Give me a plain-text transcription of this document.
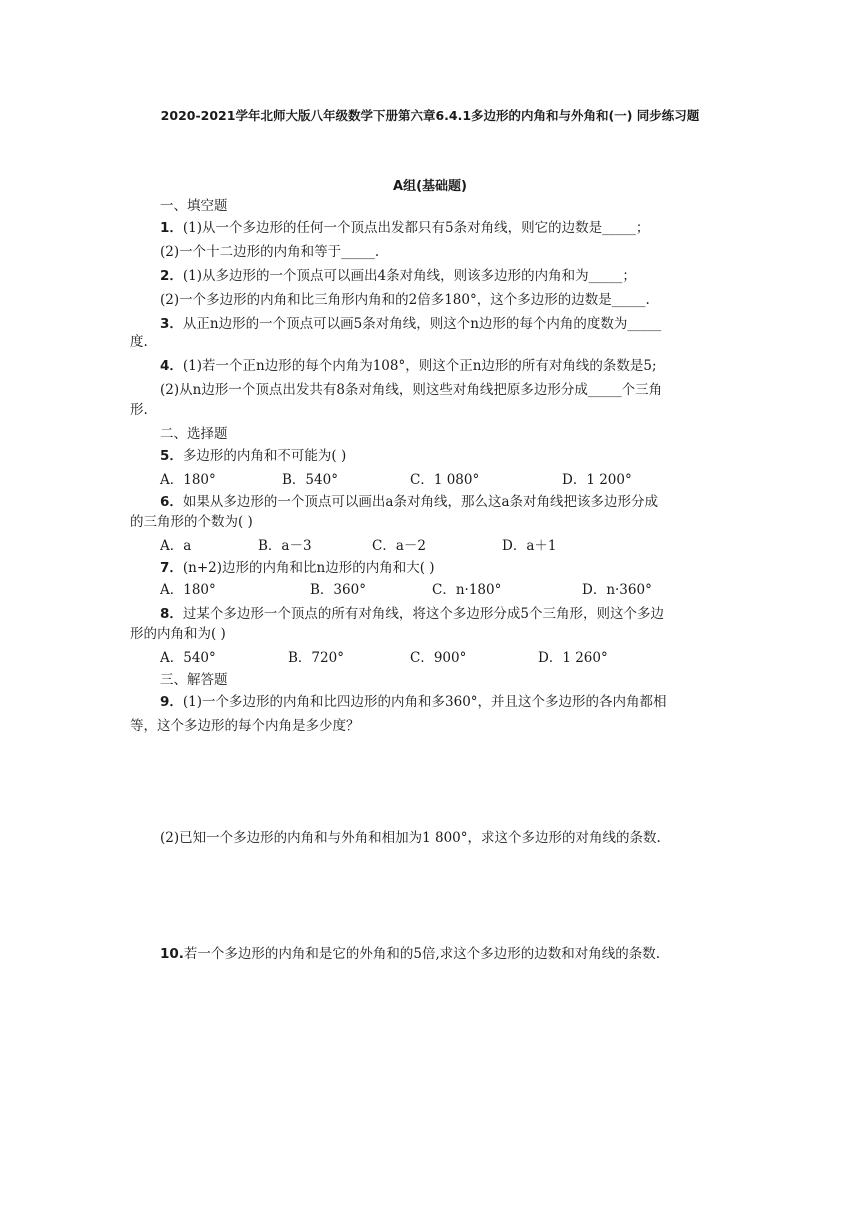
2020-2021学年北师大版八年级数学下册第六章6.4.1多边形的内角和与外角和(一) 同步练习题
A组(基础题)
一、填空题
1．(1)从一个多边形的任何一个顶点出发都只有5条对角线，则它的边数是_____；
(2)一个十二边形的内角和等于_____.
2．(1)从多边形的一个顶点可以画出4条对角线，则该多边形的内角和为_____；
(2)一个多边形的内角和比三角形内角和的2倍多180°，这个多边形的边数是_____.
3．从正n边形的一个顶点可以画5条对角线，则这个n边形的每个内角的度数为_____
度.
4．(1)若一个正n边形的每个内角为108°，则这个正n边形的所有对角线的条数是5;
(2)从n边形一个顶点出发共有8条对角线，则这些对角线把原多边形分成_____个三角
形.
二、选择题
5．多边形的内角和不可能为( )
A．180°	B．540°	C．1 080°	D．1 200°
6．如果从多边形的一个顶点可以画出a条对角线，那么这a条对角线把该多边形分成
的三角形的个数为( )
A．a	B．a－3	C．a－2	D．a＋1
7．(n+2)边形的内角和比n边形的内角和大( )
A．180°	B．360°	C．n·180°	D．n·360°
8．过某个多边形一个顶点的所有对角线，将这个多边形分成5个三角形，则这个多边
形的内角和为( )
A．540°	B．720°	C．900°	D．1 260°
三、解答题
9．(1)一个多边形的内角和比四边形的内角和多360°，并且这个多边形的各内角都相
等，这个多边形的每个内角是多少度？
(2)已知一个多边形的内角和与外角和相加为1 800°，求这个多边形的对角线的条数.
10.若一个多边形的内角和是它的外角和的5倍,求这个多边形的边数和对角线的条数.
